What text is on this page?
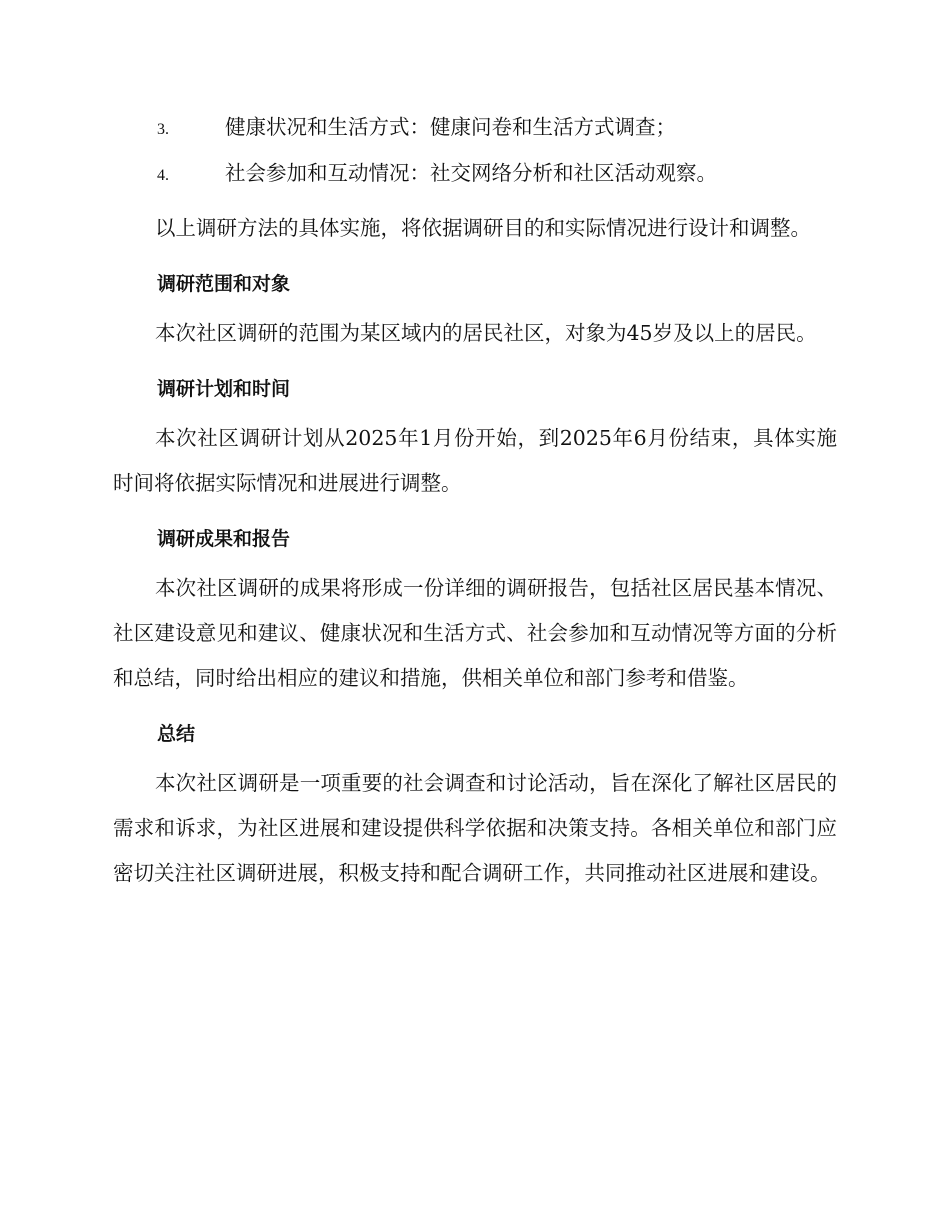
3.	健康状况和生活方式：健康问卷和生活方式调查；
4.	社会参加和互动情况：社交网络分析和社区活动观察。

以上调研方法的具体实施，将依据调研目的和实际情况进行设计和调整。

调研范围和对象

本次社区调研的范围为某区域内的居民社区，对象为45岁及以上的居民。

调研计划和时间

本次社区调研计划从2025年1月份开始，到2025年6月份结束，具体实施时间将依据实际情况和进展进行调整。

调研成果和报告

本次社区调研的成果将形成一份详细的调研报告，包括社区居民基本情况、社区建设意见和建议、健康状况和生活方式、社会参加和互动情况等方面的分析和总结，同时给出相应的建议和措施，供相关单位和部门参考和借鉴。

总结

本次社区调研是一项重要的社会调查和讨论活动，旨在深化了解社区居民的需求和诉求，为社区进展和建设提供科学依据和决策支持。各相关单位和部门应密切关注社区调研进展，积极支持和配合调研工作，共同推动社区进展和建设。
